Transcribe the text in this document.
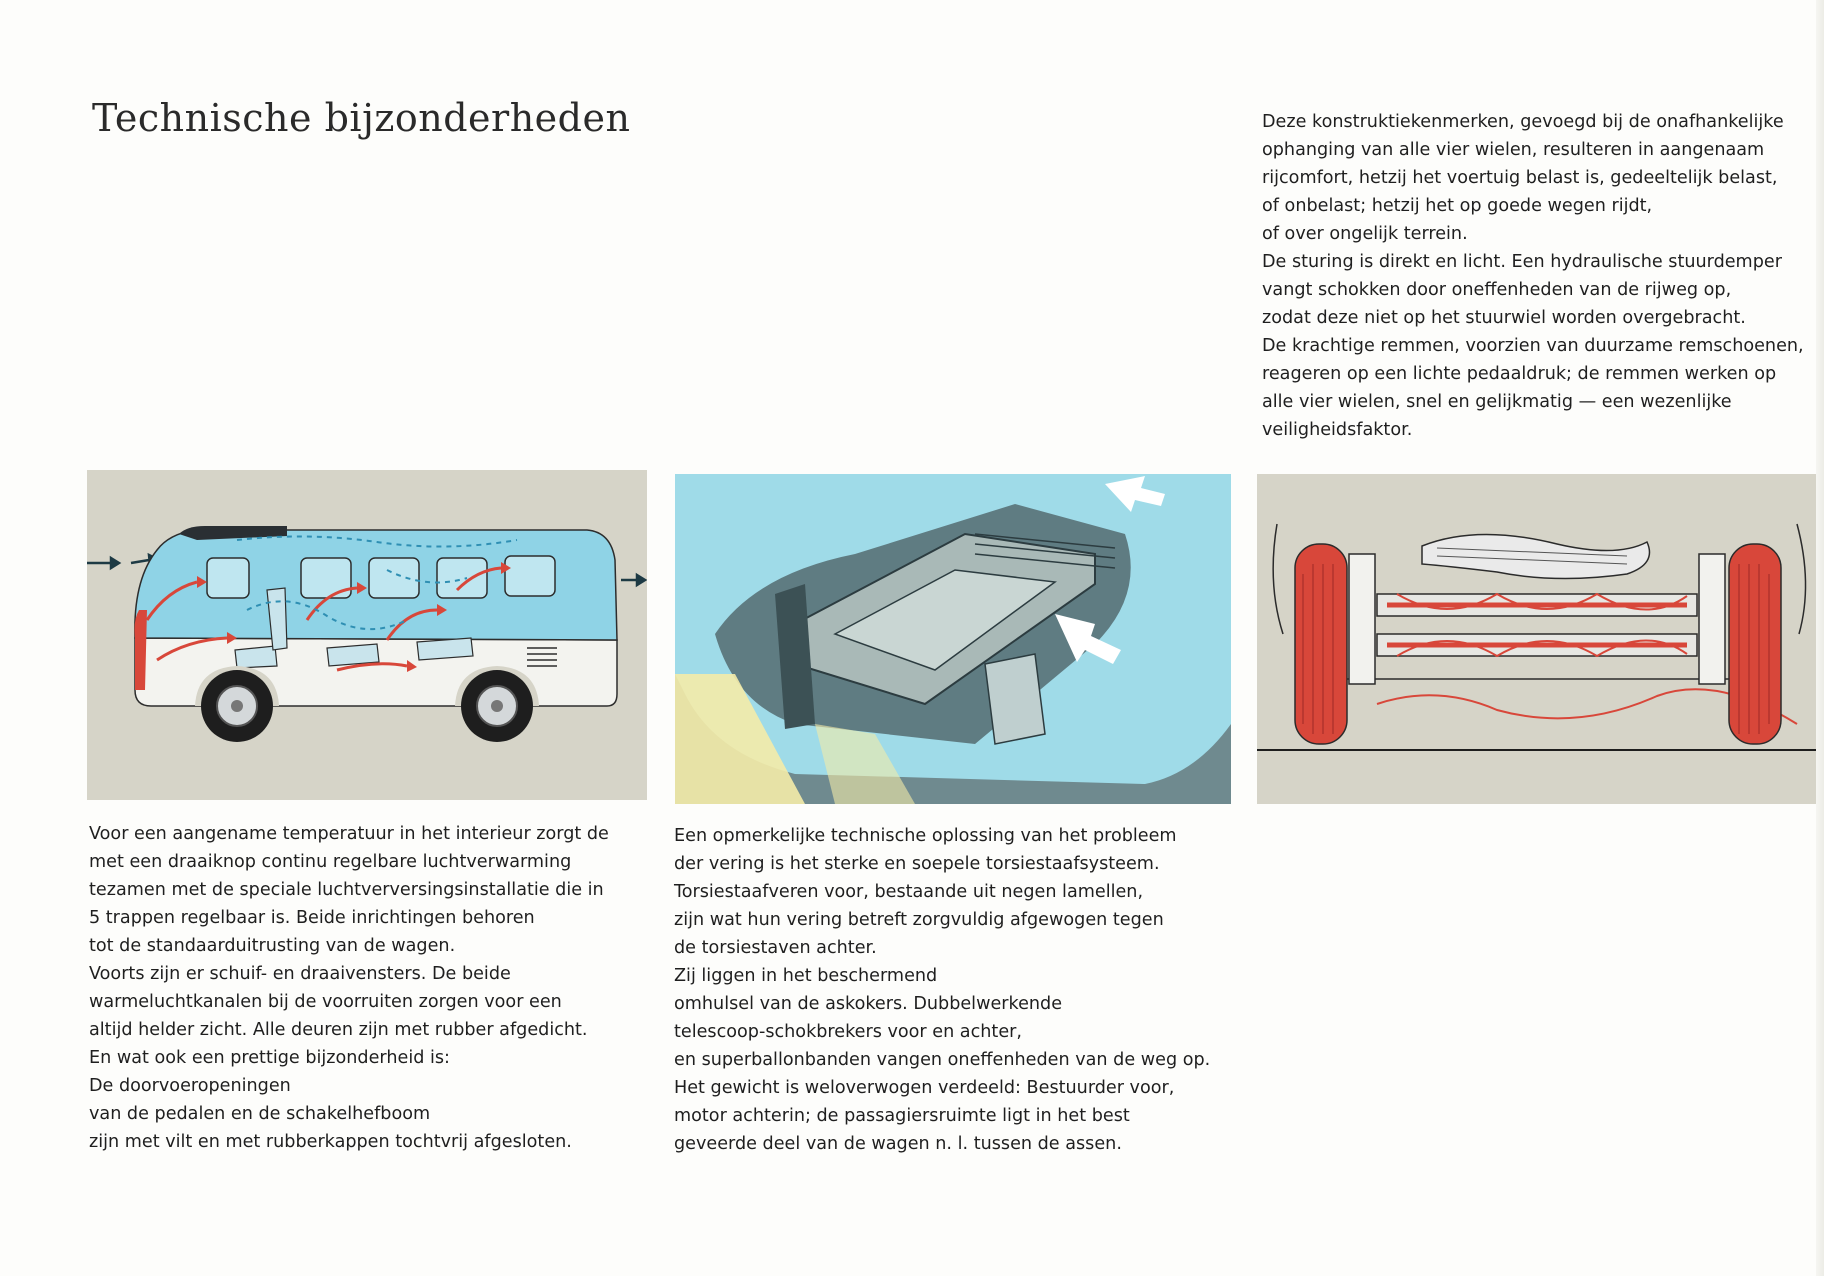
Technische bijzonderheden	Deze konstruktiekenmerken, gevoegd bij de onafhankelijke
ophanging van alle vier wielen, resulteren in aangenaam
rijcomfort, hetzij het voertuig belast is, gedeeltelijk belast,
of onbelast; hetzij het op goede wegen rijdt,
of over ongelijk terrein.
De sturing is direkt en licht. Een hydraulische stuurdemper
vangt schokken door oneffenheden van de rijweg op,
zodat deze niet op het stuurwiel worden overgebracht.
De krachtige remmen, voorzien van duurzame remschoenen,
reageren op een lichte pedaaldruk; de remmen werken op
alle vier wielen, snel en gelijkmatig — een wezenlijke
veiligheidsfaktor.
Voor een aangename temperatuur in het interieur zorgt de
met een draaiknop continu regelbare luchtverwarming
tezamen met de speciale luchtverversingsinstallatie die in
5 trappen regelbaar is. Beide inrichtingen behoren
tot de standaarduitrusting van de wagen.
Voorts zijn er schuif- en draaivensters. De beide
warmeluchtkanalen bij de voorruiten zorgen voor een
altijd helder zicht. Alle deuren zijn met rubber afgedicht.
En wat ook een prettige bijzonderheid is:
De doorvoeropeningen
van de pedalen en de schakelhefboom
zijn met vilt en met rubberkappen tochtvrij afgesloten.
Een opmerkelijke technische oplossing van het probleem
der vering is het sterke en soepele torsiestaafsysteem.
Torsiestaafveren voor, bestaande uit negen lamellen,
zijn wat hun vering betreft zorgvuldig afgewogen tegen
de torsiestaven achter.
Zij liggen in het beschermend
omhulsel van de askokers. Dubbelwerkende
telescoop-schokbrekers voor en achter,
en superballonbanden vangen oneffenheden van de weg op.
Het gewicht is weloverwogen verdeeld: Bestuurder voor,
motor achterin; de passagiersruimte ligt in het best
geveerde deel van de wagen n. l. tussen de assen.
